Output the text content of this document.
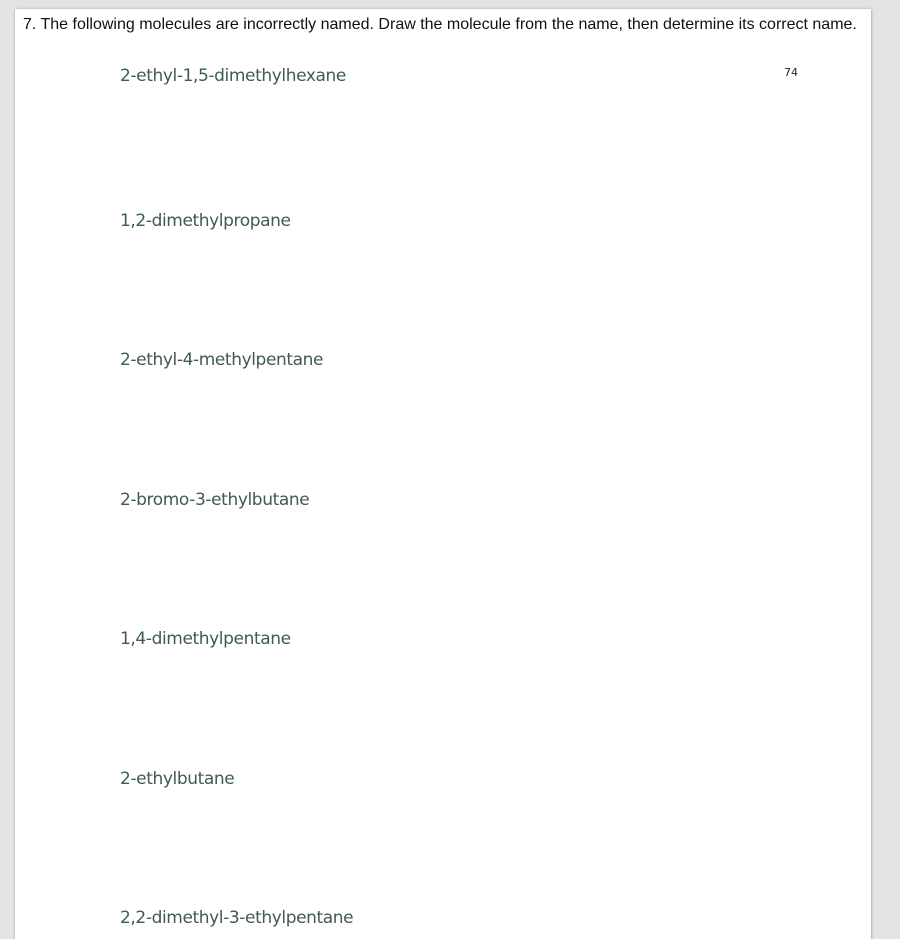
7. The following molecules are incorrectly named. Draw the molecule from the name, then determine its correct name.

74
2-ethyl-1,5-dimethylhexane
1,2-dimethylpropane
2-ethyl-4-methylpentane
2-bromo-3-ethylbutane
1,4-dimethylpentane
2-ethylbutane
2,2-dimethyl-3-ethylpentane
